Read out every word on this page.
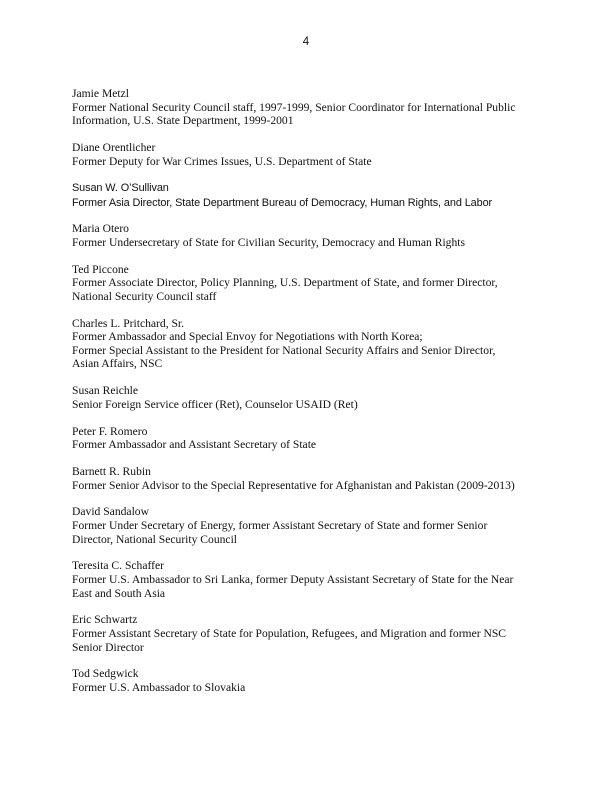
4
Jamie Metzl
Former National Security Council staff, 1997-1999, Senior Coordinator for International Public
Information, U.S. State Department, 1999-2001
Diane Orentlicher
Former Deputy for War Crimes Issues, U.S. Department of State
Susan W. O’Sullivan
Former Asia Director, State Department Bureau of Democracy, Human Rights, and Labor
Maria Otero
Former Undersecretary of State for Civilian Security, Democracy and Human Rights
Ted Piccone
Former Associate Director, Policy Planning, U.S. Department of State, and former Director,
National Security Council staff
Charles L. Pritchard, Sr.
Former Ambassador and Special Envoy for Negotiations with North Korea;
Former Special Assistant to the President for National Security Affairs and Senior Director,
Asian Affairs, NSC
Susan Reichle
Senior Foreign Service officer (Ret), Counselor USAID (Ret)
Peter F. Romero
Former Ambassador and Assistant Secretary of State
Barnett R. Rubin
Former Senior Advisor to the Special Representative for Afghanistan and Pakistan (2009-2013)
David Sandalow
Former Under Secretary of Energy, former Assistant Secretary of State and former Senior
Director, National Security Council
Teresita C. Schaffer
Former U.S. Ambassador to Sri Lanka, former Deputy Assistant Secretary of State for the Near
East and South Asia
Eric Schwartz
Former Assistant Secretary of State for Population, Refugees, and Migration and former NSC
Senior Director
Tod Sedgwick
Former U.S. Ambassador to Slovakia
